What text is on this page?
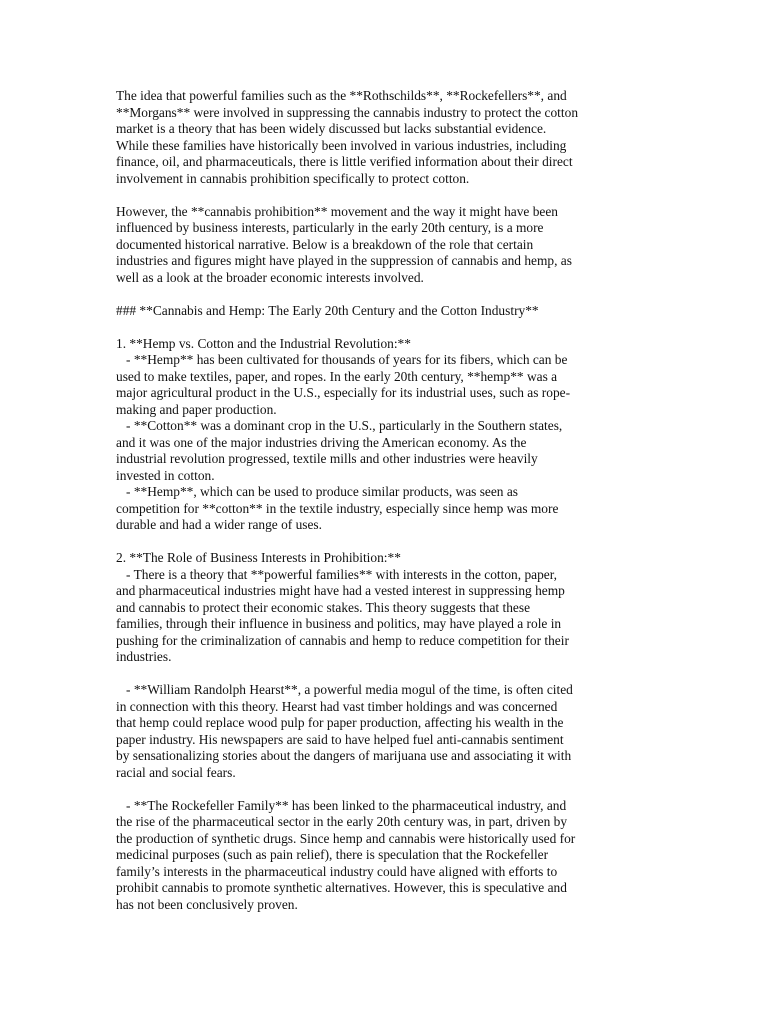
The idea that powerful families such as the **Rothschilds**, **Rockefellers**, and
**Morgans** were involved in suppressing the cannabis industry to protect the cotton
market is a theory that has been widely discussed but lacks substantial evidence.
While these families have historically been involved in various industries, including
finance, oil, and pharmaceuticals, there is little verified information about their direct
involvement in cannabis prohibition specifically to protect cotton.
However, the **cannabis prohibition** movement and the way it might have been
influenced by business interests, particularly in the early 20th century, is a more
documented historical narrative. Below is a breakdown of the role that certain
industries and figures might have played in the suppression of cannabis and hemp, as
well as a look at the broader economic interests involved.
### **Cannabis and Hemp: The Early 20th Century and the Cotton Industry**
1. **Hemp vs. Cotton and the Industrial Revolution:**
- **Hemp** has been cultivated for thousands of years for its fibers, which can be
used to make textiles, paper, and ropes. In the early 20th century, **hemp** was a
major agricultural product in the U.S., especially for its industrial uses, such as rope-
making and paper production.
- **Cotton** was a dominant crop in the U.S., particularly in the Southern states,
and it was one of the major industries driving the American economy. As the
industrial revolution progressed, textile mills and other industries were heavily
invested in cotton.
- **Hemp**, which can be used to produce similar products, was seen as
competition for **cotton** in the textile industry, especially since hemp was more
durable and had a wider range of uses.
2. **The Role of Business Interests in Prohibition:**
- There is a theory that **powerful families** with interests in the cotton, paper,
and pharmaceutical industries might have had a vested interest in suppressing hemp
and cannabis to protect their economic stakes. This theory suggests that these
families, through their influence in business and politics, may have played a role in
pushing for the criminalization of cannabis and hemp to reduce competition for their
industries.
- **William Randolph Hearst**, a powerful media mogul of the time, is often cited
in connection with this theory. Hearst had vast timber holdings and was concerned
that hemp could replace wood pulp for paper production, affecting his wealth in the
paper industry. His newspapers are said to have helped fuel anti-cannabis sentiment
by sensationalizing stories about the dangers of marijuana use and associating it with
racial and social fears.
- **The Rockefeller Family** has been linked to the pharmaceutical industry, and
the rise of the pharmaceutical sector in the early 20th century was, in part, driven by
the production of synthetic drugs. Since hemp and cannabis were historically used for
medicinal purposes (such as pain relief), there is speculation that the Rockefeller
family’s interests in the pharmaceutical industry could have aligned with efforts to
prohibit cannabis to promote synthetic alternatives. However, this is speculative and
has not been conclusively proven.
